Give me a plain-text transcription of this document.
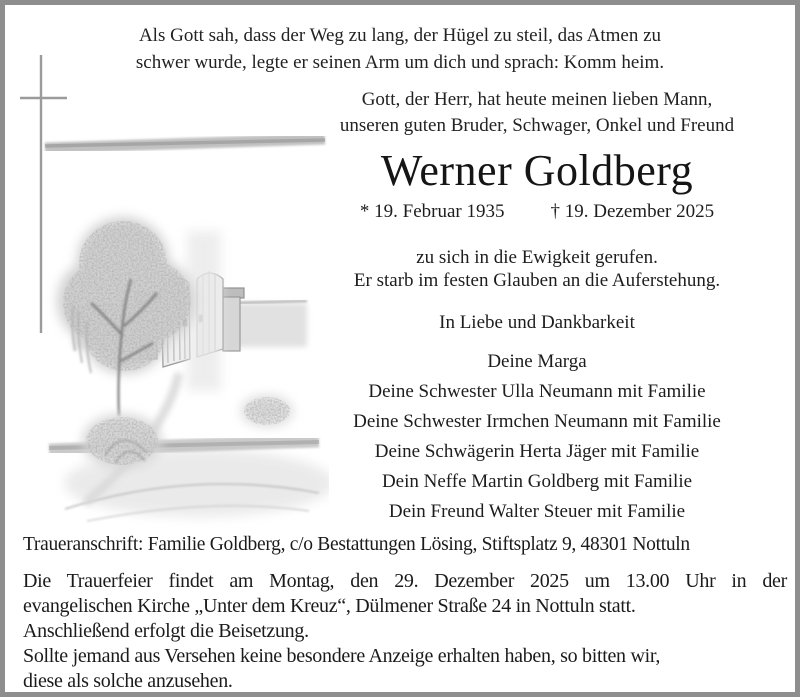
Als Gott sah, dass der Weg zu lang, der Hügel zu steil, das Atmen zu
schwer wurde, legte er seinen Arm um dich und sprach: Komm heim.
Gott, der Herr, hat heute meinen lieben Mann,
unseren guten Bruder, Schwager, Onkel und Freund
Werner Goldberg
* 19. Februar 1935 † 19. Dezember 2025
zu sich in die Ewigkeit gerufen.
Er starb im festen Glauben an die Auferstehung.
In Liebe und Dankbarkeit
Deine Marga
Deine Schwester Ulla Neumann mit Familie
Deine Schwester Irmchen Neumann mit Familie
Deine Schwägerin Herta Jäger mit Familie
Dein Neffe Martin Goldberg mit Familie
Dein Freund Walter Steuer mit Familie
Traueranschrift: Familie Goldberg, c/o Bestattungen Lösing, Stiftsplatz 9, 48301 Nottuln
Die Trauerfeier findet am Montag, den 29. Dezember 2025 um 13.00 Uhr in der
evangelischen Kirche „Unter dem Kreuz“, Dülmener Straße 24 in Nottuln statt.
Anschließend erfolgt die Beisetzung.
Sollte jemand aus Versehen keine besondere Anzeige erhalten haben, so bitten wir,
diese als solche anzusehen.
